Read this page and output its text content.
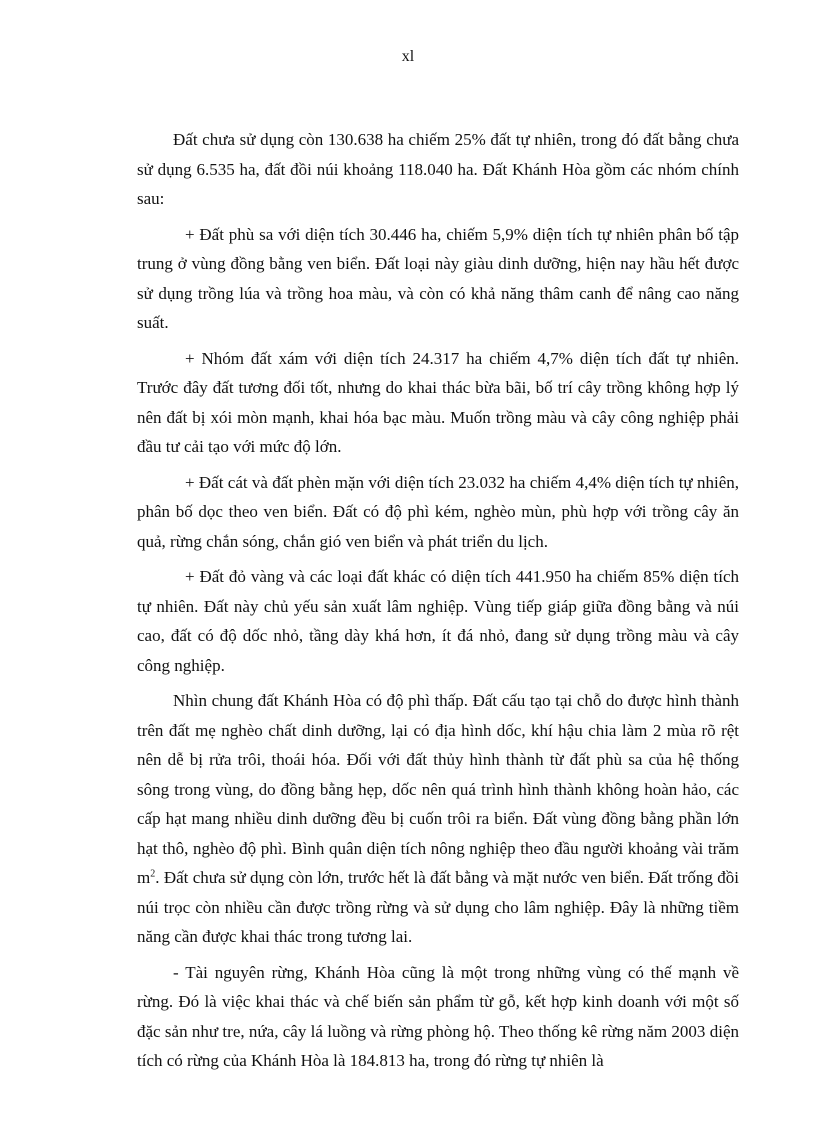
xl

Đất chưa sử dụng còn 130.638 ha chiếm 25% đất tự nhiên, trong đó đất bằng chưa sử dụng 6.535 ha, đất đồi núi khoảng 118.040 ha. Đất Khánh Hòa gồm các nhóm chính sau:

+ Đất phù sa với diện tích 30.446 ha, chiếm 5,9% diện tích tự nhiên phân bố tập trung ở vùng đồng bằng ven biển. Đất loại này giàu dinh dưỡng, hiện nay hầu hết được sử dụng trồng lúa và trồng hoa màu, và còn có khả năng thâm canh để nâng cao năng suất.

+ Nhóm đất xám với diện tích 24.317 ha chiếm 4,7% diện tích đất tự nhiên. Trước đây đất tương đối tốt, nhưng do khai thác bừa bãi, bố trí cây trồng không hợp lý nên đất bị xói mòn mạnh, khai hóa bạc màu. Muốn trồng màu và cây công nghiệp phải đầu tư cải tạo với mức độ lớn.

+ Đất cát và đất phèn mặn với diện tích 23.032 ha chiếm 4,4% diện tích tự nhiên, phân bố dọc theo ven biển. Đất có độ phì kém, nghèo mùn, phù hợp với trồng cây ăn quả, rừng chắn sóng, chắn gió ven biển và phát triển du lịch.

+ Đất đỏ vàng và các loại đất khác có diện tích 441.950 ha chiếm 85% diện tích tự nhiên. Đất này chủ yếu sản xuất lâm nghiệp. Vùng tiếp giáp giữa đồng bằng và núi cao, đất có độ dốc nhỏ, tầng dày khá hơn, ít đá nhỏ, đang sử dụng trồng màu và cây công nghiệp.

Nhìn chung đất Khánh Hòa có độ phì thấp. Đất cấu tạo tại chỗ do được hình thành trên đất mẹ nghèo chất dinh dưỡng, lại có địa hình dốc, khí hậu chia làm 2 mùa rõ rệt nên dễ bị rửa trôi, thoái hóa. Đối với đất thủy hình thành từ đất phù sa của hệ thống sông trong vùng, do đồng bằng hẹp, dốc nên quá trình hình thành không hoàn hảo, các cấp hạt mang nhiều dinh dưỡng đều bị cuốn trôi ra biển. Đất vùng đồng bằng phần lớn hạt thô, nghèo độ phì. Bình quân diện tích nông nghiệp theo đầu người khoảng vài trăm $m^2$. Đất chưa sử dụng còn lớn, trước hết là đất bằng và mặt nước ven biển. Đất trống đồi núi trọc còn nhiều cần được trồng rừng và sử dụng cho lâm nghiệp. Đây là những tiềm năng cần được khai thác trong tương lai.

- Tài nguyên rừng, Khánh Hòa cũng là một trong những vùng có thế mạnh về rừng. Đó là việc khai thác và chế biến sản phẩm từ gỗ, kết hợp kinh doanh với một số đặc sản như tre, nứa, cây lá luồng và rừng phòng hộ. Theo thống kê rừng năm 2003 diện tích có rừng của Khánh Hòa là 184.813 ha, trong đó rừng tự nhiên là
